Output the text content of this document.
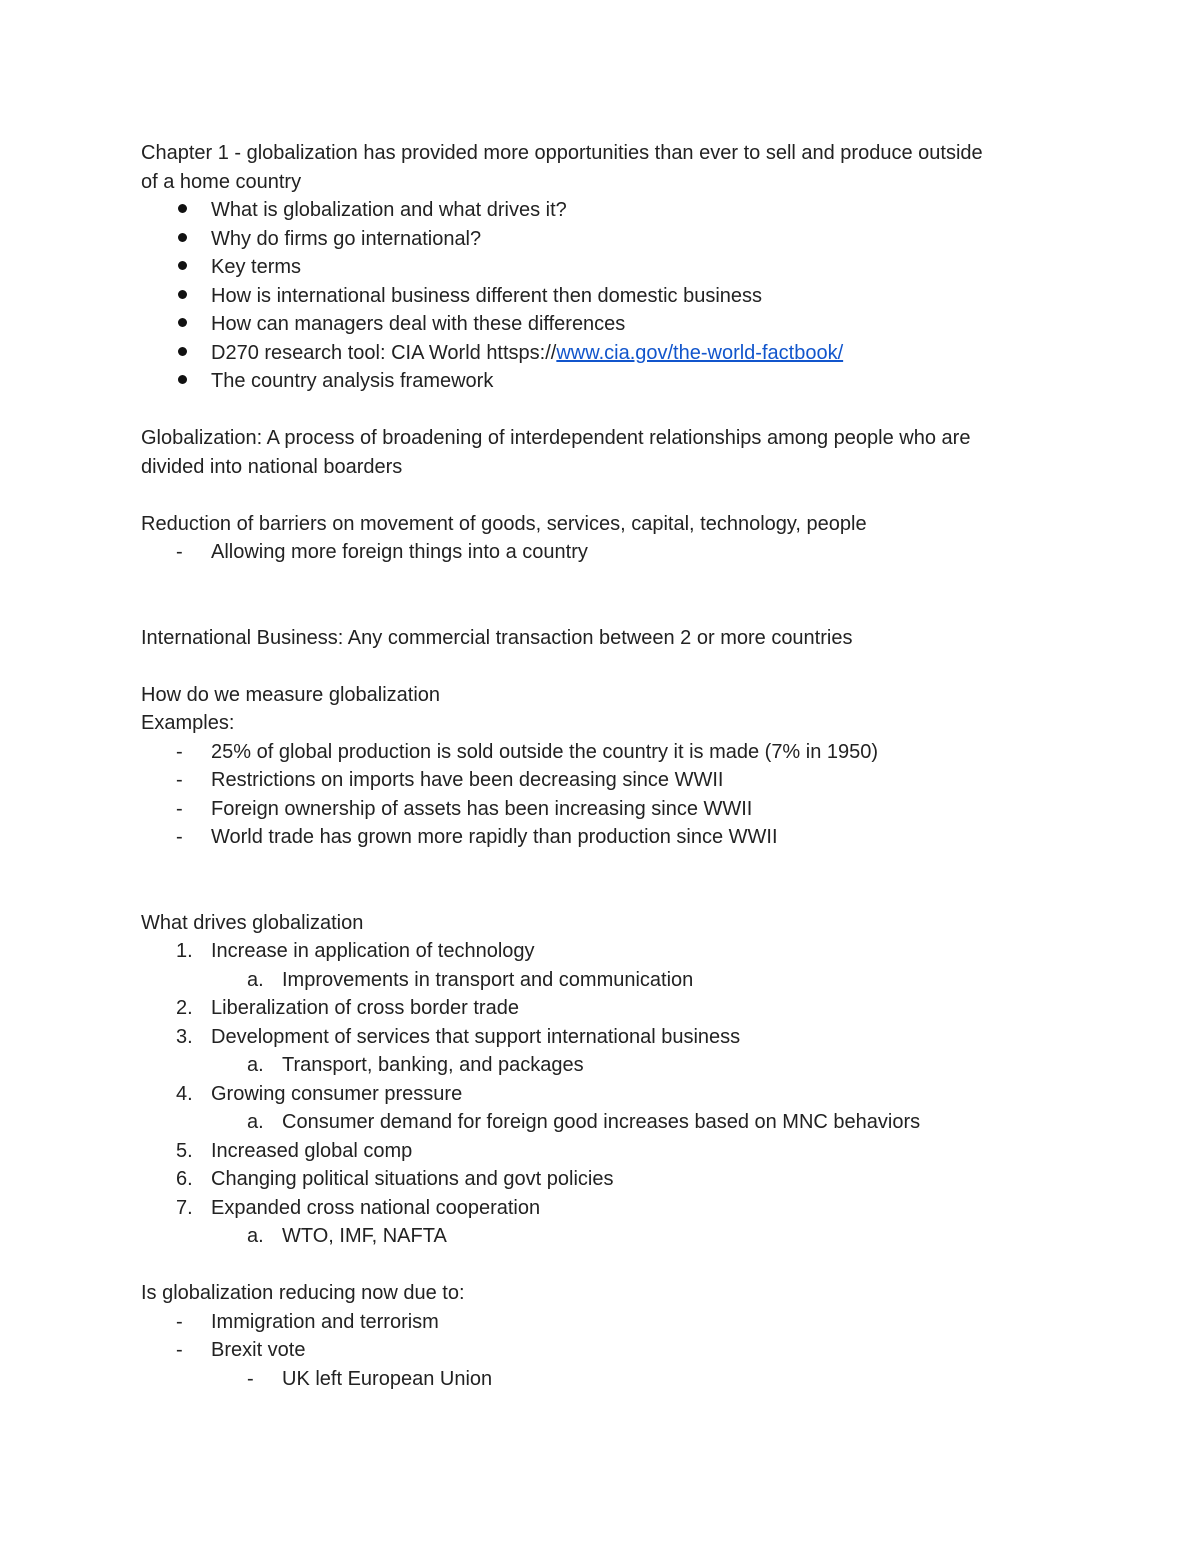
Chapter 1 - globalization has provided more opportunities than ever to sell and produce outside

of a home country

What is globalization and what drives it?
Why do firms go international?
Key terms
How is international business different then domestic business
How can managers deal with these differences
D270 research tool: CIA World httsps://www.cia.gov/the-world-factbook/
The country analysis framework

Globalization: A process of broadening of interdependent relationships among people who are

divided into national boarders

Reduction of barriers on movement of goods, services, capital, technology, people

-	Allowing more foreign things into a country

International Business: Any commercial transaction between 2 or more countries

How do we measure globalization

Examples:

-	25% of global production is sold outside the country it is made (7% in 1950)
-	Restrictions on imports have been decreasing since WWII
-	Foreign ownership of assets has been increasing since WWII
-	World trade has grown more rapidly than production since WWII

What drives globalization

1. Increase in application of technology
a. Improvements in transport and communication
2. Liberalization of cross border trade
3. Development of services that support international business
a. Transport, banking, and packages
4. Growing consumer pressure
a. Consumer demand for foreign good increases based on MNC behaviors
5. Increased global comp
6. Changing political situations and govt policies
7. Expanded cross national cooperation
a. WTO, IMF, NAFTA

Is globalization reducing now due to:

-	Immigration and terrorism
-	Brexit vote
-	UK left European Union
